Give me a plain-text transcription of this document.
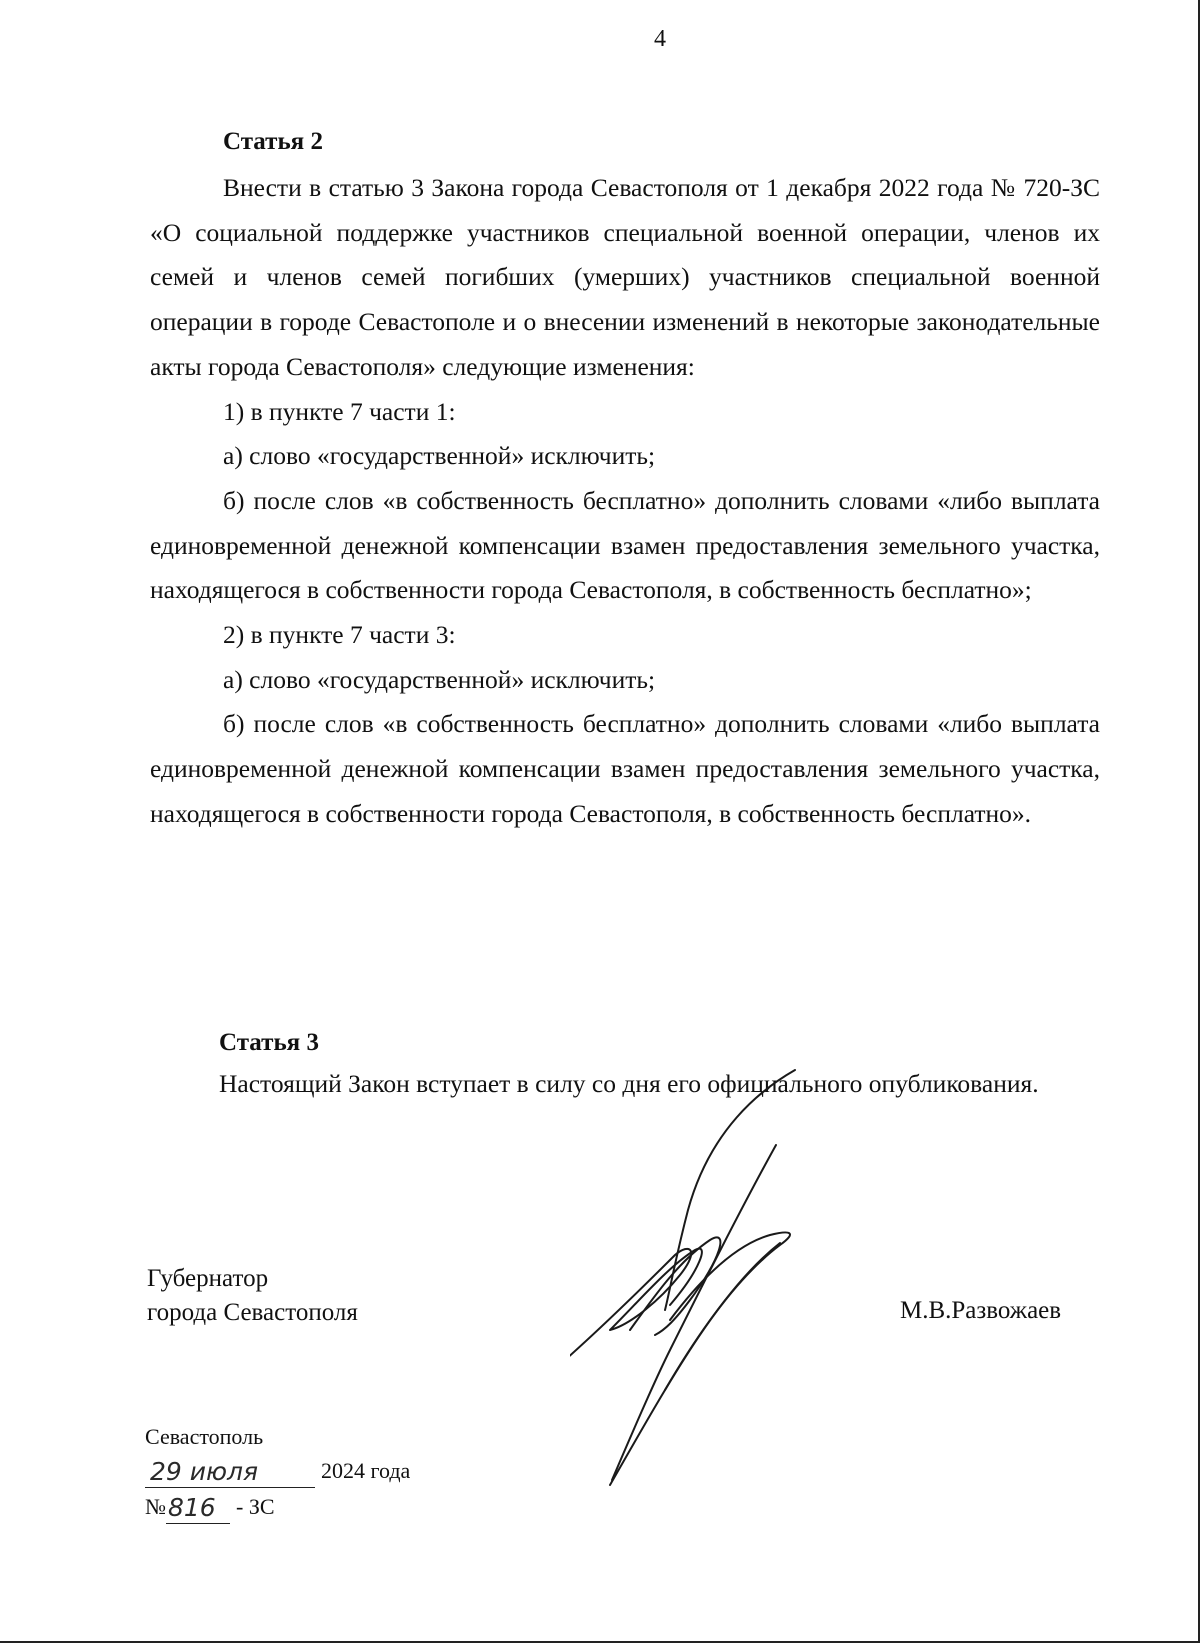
4
Статья 2

Внести в статью 3 Закона города Севастополя от 1 декабря 2022 года № 720-ЗС «О социальной поддержке участников специальной военной операции, членов их семей и членов семей погибших (умерших) участников специальной военной операции в городе Севастополе и о внесении изменений в некоторые законодательные акты города Севастополя» следующие изменения:

1) в пункте 7 части 1:

а) слово «государственной» исключить;

б) после слов «в собственность бесплатно» дополнить словами «либо выплата единовременной денежной компенсации взамен предоставления земельного участка, находящегося в собственности города Севастополя, в собственность бесплатно»;

2) в пункте 7 части 3:

а) слово «государственной» исключить;

б) после слов «в собственность бесплатно» дополнить словами «либо выплата единовременной денежной компенсации взамен предоставления земельного участка, находящегося в собственности города Севастополя, в собственность бесплатно».

Статья 3

Настоящий Закон вступает в силу со дня его официального опубликования.

Губернатор
города Севастополя	М.В.Развожаев
Севастополь
29 июля	2024 года
№ 816 - ЗС
